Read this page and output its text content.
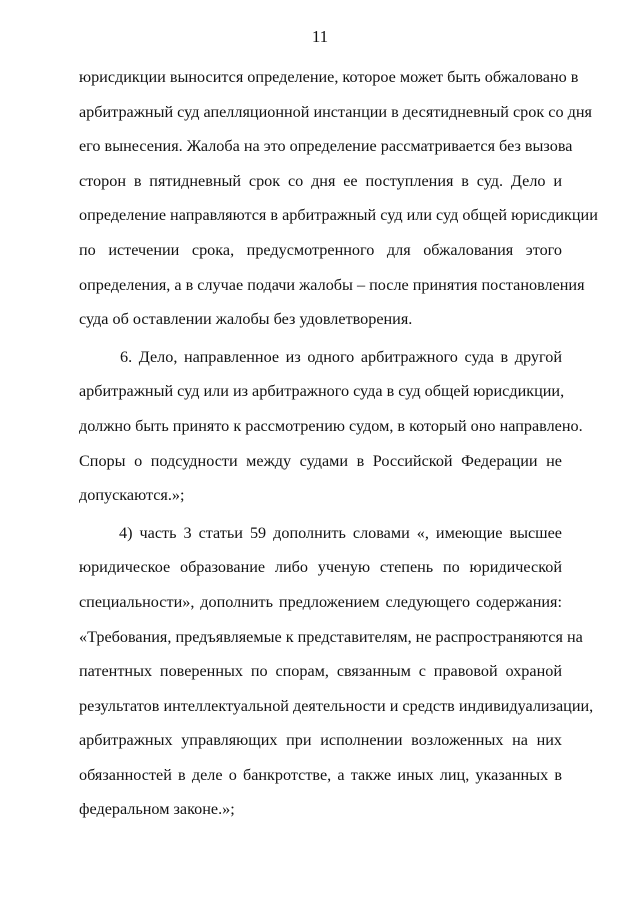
11

юрисдикции выносится определение, которое может быть обжаловано в
арбитражный суд апелляционной инстанции в десятидневный срок со дня
его вынесения. Жалоба на это определение рассматривается без вызова
сторон в пятидневный срок со дня ее поступления в суд. Дело и
определение направляются в арбитражный суд или суд общей юрисдикции
по истечении срока, предусмотренного для обжалования этого
определения, а в случае подачи жалобы – после принятия постановления
суда об оставлении жалобы без удовлетворения.

6. Дело, направленное из одного арбитражного суда в другой
арбитражный суд или из арбитражного суда в суд общей юрисдикции,
должно быть принято к рассмотрению судом, в который оно направлено.
Споры о подсудности между судами в Российской Федерации не
допускаются.»;

4) часть 3 статьи 59 дополнить словами «, имеющие высшее
юридическое образование либо ученую степень по юридической
специальности», дополнить предложением следующего содержания:
«Требования, предъявляемые к представителям, не распространяются на
патентных поверенных по спорам, связанным с правовой охраной
результатов интеллектуальной деятельности и средств индивидуализации,
арбитражных управляющих при исполнении возложенных на них
обязанностей в деле о банкротстве, а также иных лиц, указанных в
федеральном законе.»;
